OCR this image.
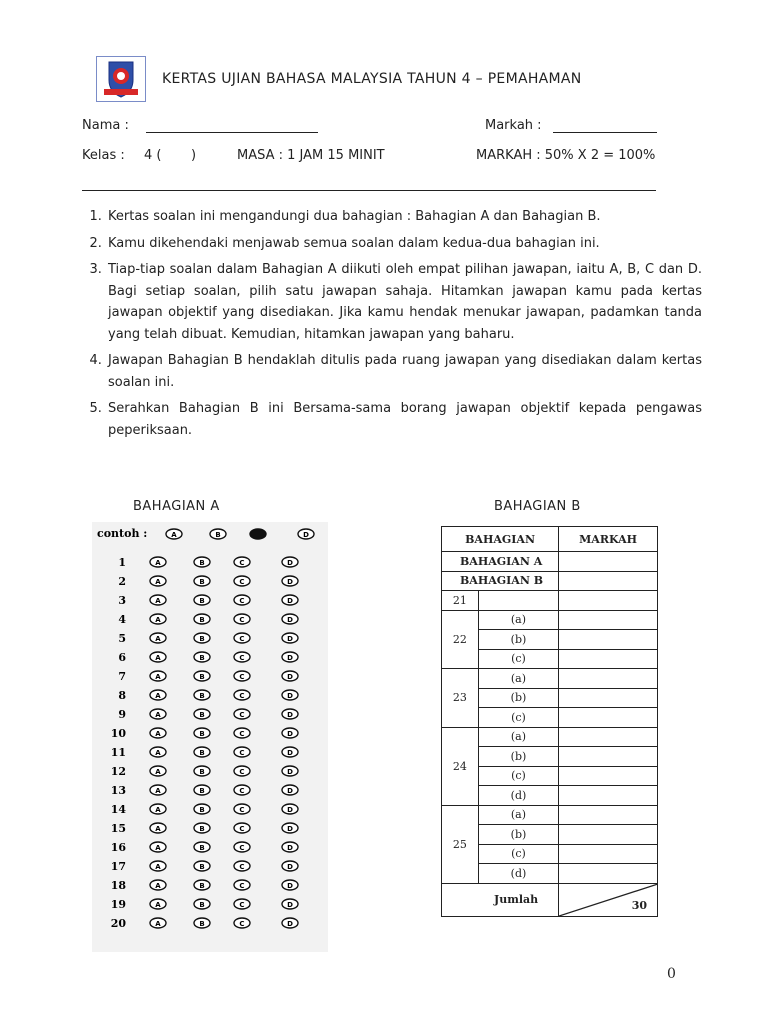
KERTAS UJIAN BAHASA MALAYSIA TAHUN 4 – PEMAHAMAN
Nama :	Markah :
Kelas : 4 ( )	MASA : 1 JAM 15 MINIT	MARKAH : 50% X 2 = 100%
1. Kertas soalan ini mengandungi dua bahagian : Bahagian A dan Bahagian B.
2. Kamu dikehendaki menjawab semua soalan dalam kedua-dua bahagian ini.
3. Tiap-tiap soalan dalam Bahagian A diikuti oleh empat pilihan jawapan, iaitu A, B, C dan D. Bagi setiap soalan, pilih satu jawapan sahaja. Hitamkan jawapan kamu pada kertas jawapan objektif yang disediakan. Jika kamu hendak menukar jawapan, padamkan tanda yang telah dibuat. Kemudian, hitamkan jawapan yang baharu.
4. Jawapan Bahagian B hendaklah ditulis pada ruang jawapan yang disediakan dalam kertas soalan ini.
5. Serahkan Bahagian B ini Bersama-sama borang jawapan objektif kepada pengawas peperiksaan.
BAHAGIAN A	BAHAGIAN B
contoh :	A	B	D
1	A	B	C	D
2	A	B	C	D
3	A	B	C	D
4	A	B	C	D
5	A	B	C	D
6	A	B	C	D
7	A	B	C	D
8	A	B	C	D
9	A	B	C	D
10	A	B	C	D
11	A	B	C	D
12	A	B	C	D
13	A	B	C	D
14	A	B	C	D
15	A	B	C	D
16	A	B	C	D
17	A	B	C	D
18	A	B	C	D
19	A	B	C	D
20	A	B	C	D
BAHAGIAN		MARKAH
BAHAGIAN A		
BAHAGIAN B		
21		
22	(a)	
	(b)	
	(c)	
23	(a)	
	(b)	
	(c)	
24	(a)	
	(b)	
	(c)	
	(d)	
25	(a)	
	(b)	
	(c)	
	(d)	
Jumlah		30
0
